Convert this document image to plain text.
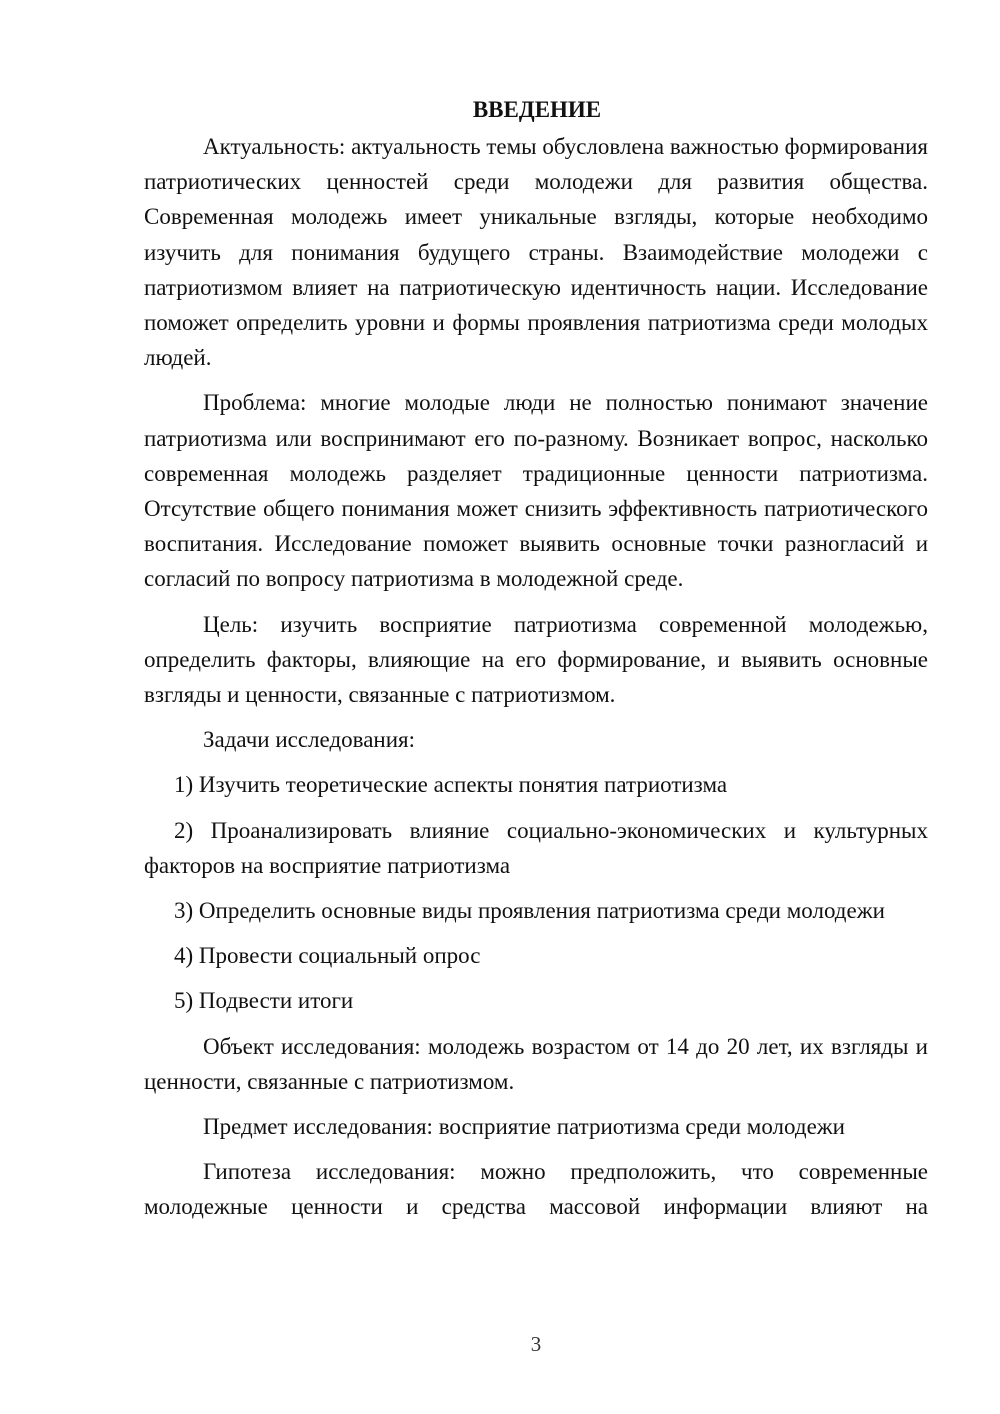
ВВЕДЕНИЕ

Актуальность: актуальность темы обусловлена важностью формирования патриотических ценностей среди молодежи для развития общества. Современная молодежь имеет уникальные взгляды, которые необходимо изучить для понимания будущего страны. Взаимодействие молодежи с патриотизмом влияет на патриотическую идентичность нации. Исследование поможет определить уровни и формы проявления патриотизма среди молодых людей.

Проблема: многие молодые люди не полностью понимают значение патриотизма или воспринимают его по-разному. Возникает вопрос, насколько современная молодежь разделяет традиционные ценности патриотизма. Отсутствие общего понимания может снизить эффективность патриотического воспитания. Исследование поможет выявить основные точки разногласий и согласий по вопросу патриотизма в молодежной среде.

Цель: изучить восприятие патриотизма современной молодежью, определить факторы, влияющие на его формирование, и выявить основные взгляды и ценности, связанные с патриотизмом.

Задачи исследования:

1) Изучить теоретические аспекты понятия патриотизма

2) Проанализировать влияние социально-экономических и культурных факторов на восприятие патриотизма

3) Определить основные виды проявления патриотизма среди молодежи

4) Провести социальный опрос

5) Подвести итоги

Объект исследования: молодежь возрастом от 14 до 20 лет, их взгляды и ценности, связанные с патриотизмом.

Предмет исследования: восприятие патриотизма среди молодежи

Гипотеза исследования: можно предположить, что современные молодежные ценности и средства массовой информации влияют на

3
